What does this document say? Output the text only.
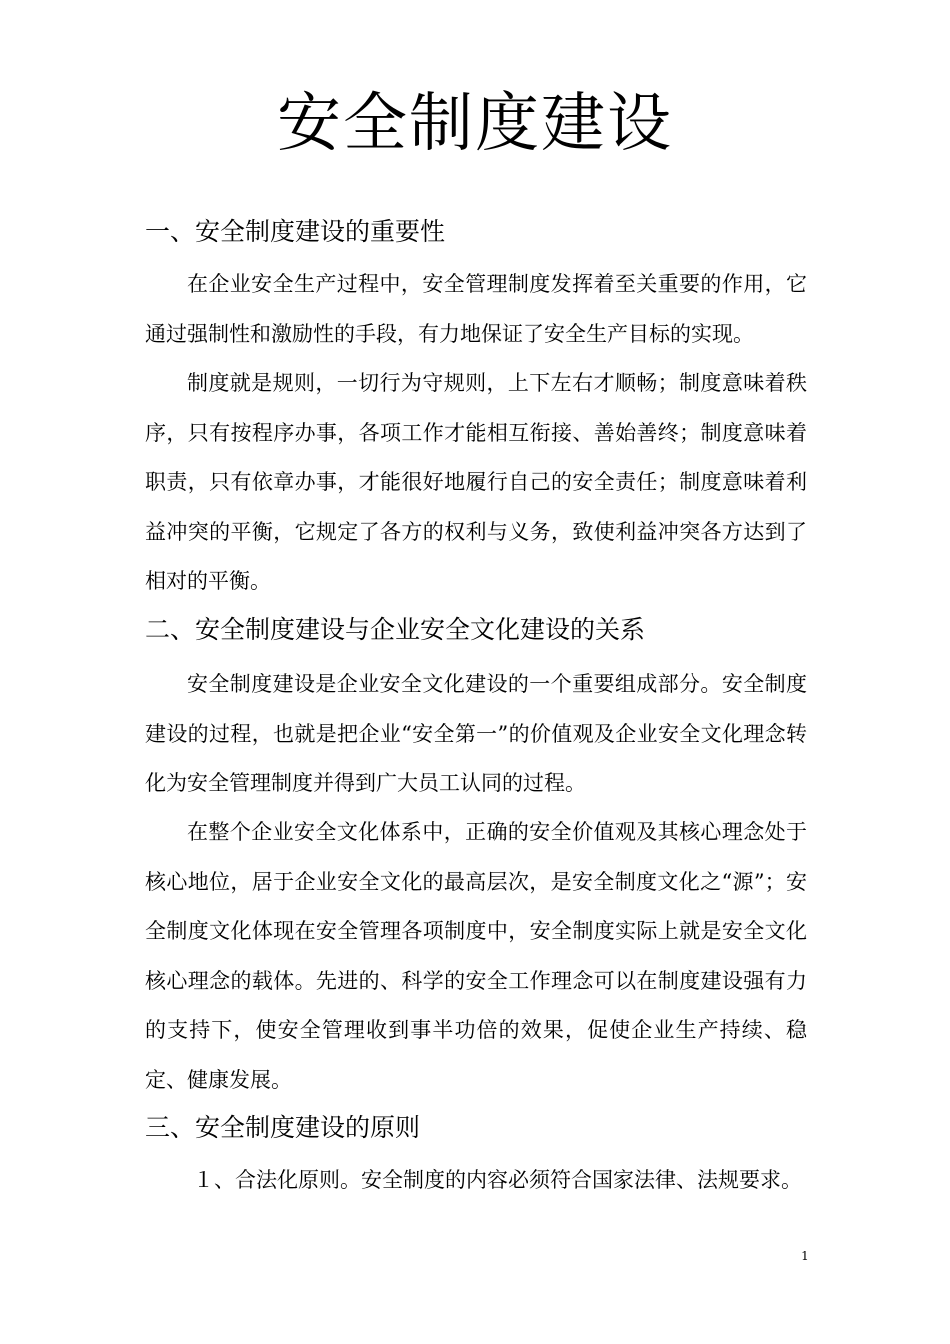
安全制度建设
一、安全制度建设的重要性

在企业安全生产过程中，安全管理制度发挥着至关重要的作用，它通过强制性和激励性的手段，有力地保证了安全生产目标的实现。

制度就是规则，一切行为守规则，上下左右才顺畅；制度意味着秩序，只有按程序办事，各项工作才能相互衔接、善始善终；制度意味着职责，只有依章办事，才能很好地履行自己的安全责任；制度意味着利益冲突的平衡，它规定了各方的权利与义务，致使利益冲突各方达到了相对的平衡。

二、安全制度建设与企业安全文化建设的关系

安全制度建设是企业安全文化建设的一个重要组成部分。安全制度建设的过程，也就是把企业“安全第一”的价值观及企业安全文化理念转化为安全管理制度并得到广大员工认同的过程。

在整个企业安全文化体系中，正确的安全价值观及其核心理念处于核心地位，居于企业安全文化的最高层次，是安全制度文化之“源”；安全制度文化体现在安全管理各项制度中，安全制度实际上就是安全文化核心理念的载体。先进的、科学的安全工作理念可以在制度建设强有力的支持下，使安全管理收到事半功倍的效果，促使企业生产持续、稳定、健康发展。

三、安全制度建设的原则

１、合法化原则。安全制度的内容必须符合国家法律、法规要求。

1
